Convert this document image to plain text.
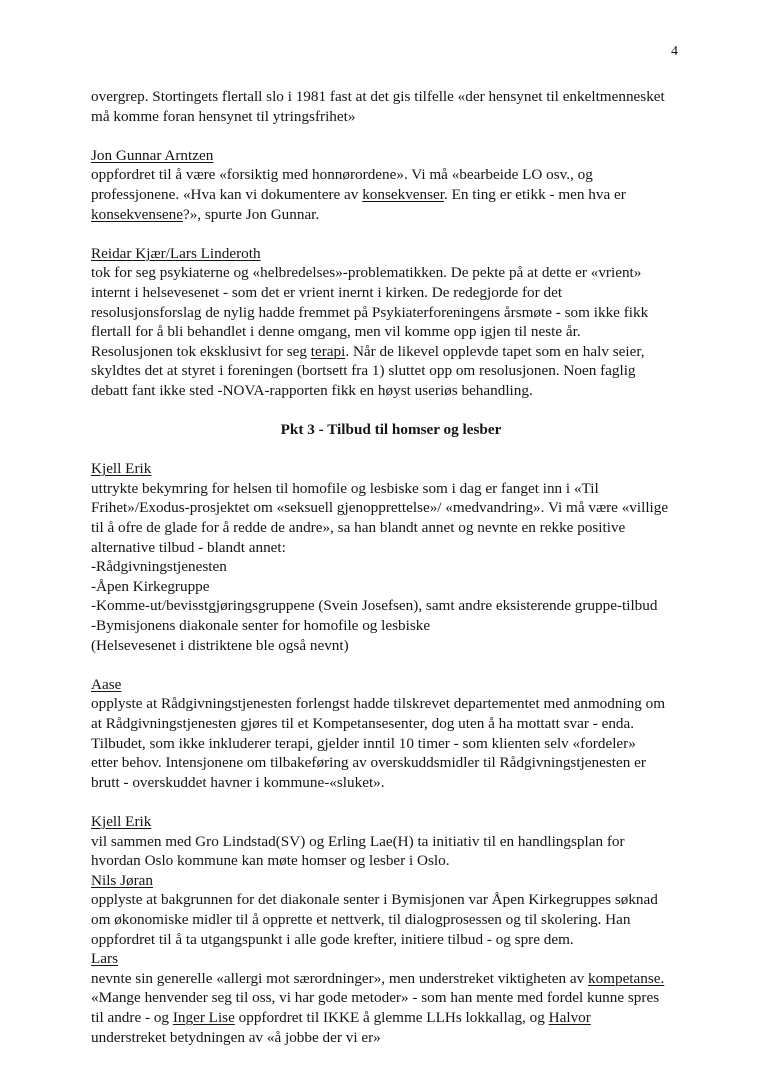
4

overgrep. Stortingets flertall slo i 1981 fast at det gis tilfelle «der hensynet til enkeltmennesket

må komme foran hensynet til ytringsfrihet»

Jon Gunnar Arntzen

oppfordret til å være «forsiktig med honnørordene». Vi må «bearbeide LO osv., og

professjonene. «Hva kan vi dokumentere av konsekvenser. En ting er etikk - men hva er

konsekvensene?», spurte Jon Gunnar.

Reidar Kjær/Lars Linderoth

tok for seg psykiaterne og «helbredelses»-problematikken. De pekte på at dette er «vrient»

internt i helsevesenet - som det er vrient inernt i kirken. De redegjorde for det

resolusjonsforslag de nylig hadde fremmet på Psykiaterforeningens årsmøte - som ikke fikk

flertall for å bli behandlet i denne omgang, men vil komme opp igjen til neste år.

Resolusjonen tok eksklusivt for seg terapi. Når de likevel opplevde tapet som en halv seier,

skyldtes det at styret i foreningen (bortsett fra 1) sluttet opp om resolusjonen. Noen faglig

debatt fant ikke sted -NOVA-rapporten fikk en høyst useriøs behandling.

Pkt 3 - Tilbud til homser og lesber

Kjell Erik

uttrykte bekymring for helsen til homofile og lesbiske som i dag er fanget inn i «Til

Frihet»/Exodus-prosjektet om «seksuell gjenopprettelse»/ «medvandring». Vi må være «villige

til å ofre de glade for å redde de andre», sa han blandt annet og nevnte en rekke positive

alternative tilbud - blandt annet:

-Rådgivningstjenesten

-Åpen Kirkegruppe

-Komme-ut/bevisstgjøringsgruppene (Svein Josefsen), samt andre eksisterende gruppe-tilbud

-Bymisjonens diakonale senter for homofile og lesbiske

(Helsevesenet i distriktene ble også nevnt)

Aase

opplyste at Rådgivningstjenesten forlengst hadde tilskrevet departementet med anmodning om

at Rådgivningstjenesten gjøres til et Kompetansesenter, dog uten å ha mottatt svar - enda.

Tilbudet, som ikke inkluderer terapi, gjelder inntil 10 timer - som klienten selv «fordeler»

etter behov. Intensjonene om tilbakeføring av overskuddsmidler til Rådgivningstjenesten er

brutt - overskuddet havner i kommune-«sluket».

Kjell Erik

vil sammen med Gro Lindstad(SV) og Erling Lae(H) ta initiativ til en handlingsplan for

hvordan Oslo kommune kan møte homser og lesber i Oslo.

Nils Jøran

opplyste at bakgrunnen for det diakonale senter i Bymisjonen var Åpen Kirkegruppes søknad

om økonomiske midler til å opprette et nettverk, til dialogprosessen og til skolering. Han

oppfordret til å ta utgangspunkt i alle gode krefter, initiere tilbud - og spre dem.

Lars

nevnte sin generelle «allergi mot særordninger», men understreket viktigheten av kompetanse.

«Mange henvender seg til oss, vi har gode metoder» - som han mente med fordel kunne spres

til andre - og Inger Lise oppfordret til IKKE å glemme LLHs lokkallag, og Halvor

understreket betydningen av «å jobbe der vi er»
